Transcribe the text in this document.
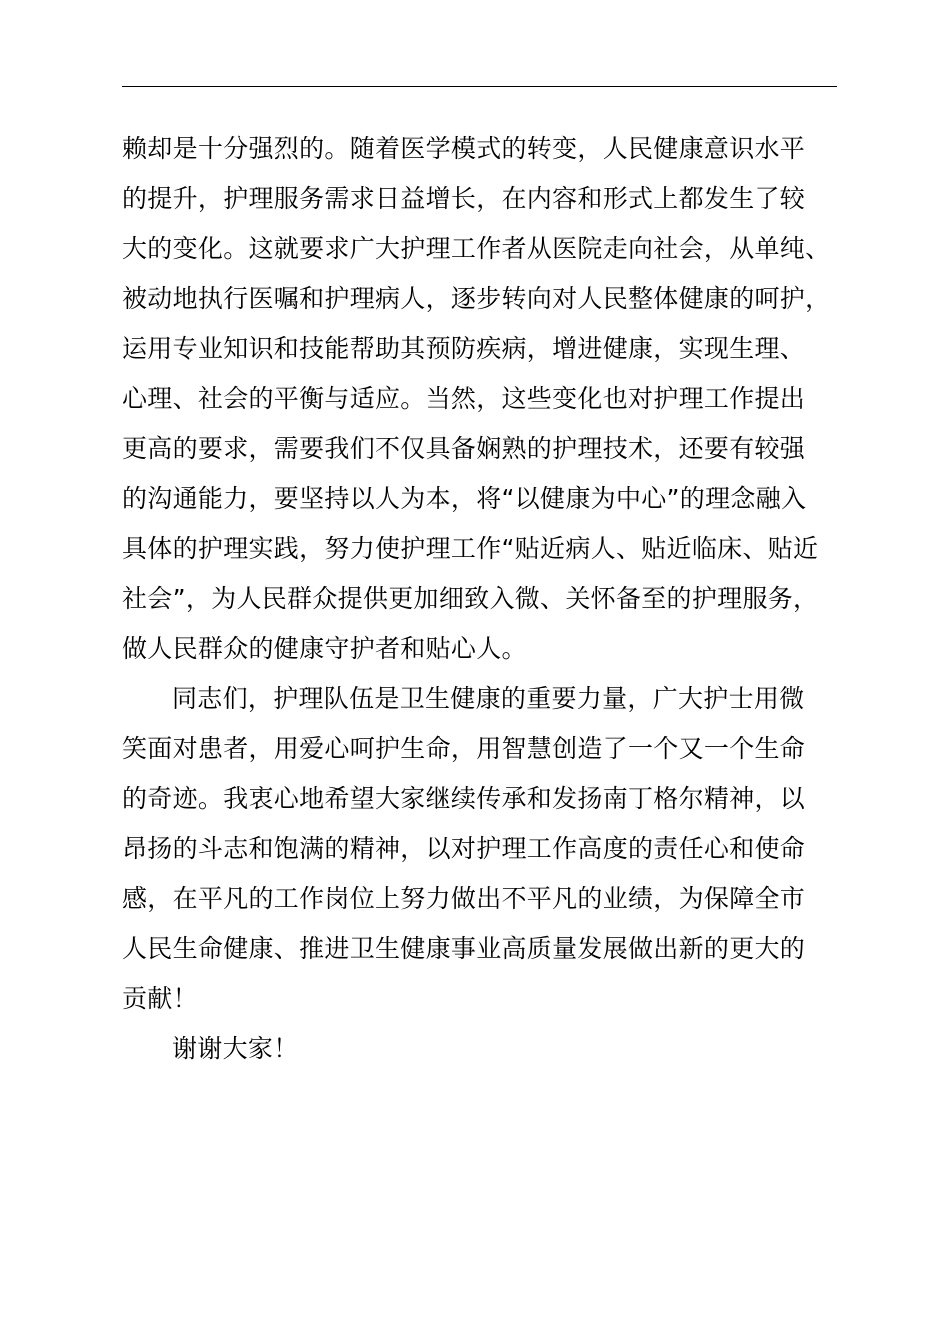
赖却是十分强烈的。随着医学模式的转变，人民健康意识水平
的提升，护理服务需求日益增长，在内容和形式上都发生了较
大的变化。这就要求广大护理工作者从医院走向社会，从单纯、
被动地执行医嘱和护理病人，逐步转向对人民整体健康的呵护，
运用专业知识和技能帮助其预防疾病，增进健康，实现生理、
心理、社会的平衡与适应。当然，这些变化也对护理工作提出
更高的要求，需要我们不仅具备娴熟的护理技术，还要有较强
的沟通能力，要坚持以人为本，将“以健康为中心”的理念融入
具体的护理实践，努力使护理工作“贴近病人、贴近临床、贴近
社会”，为人民群众提供更加细致入微、关怀备至的护理服务，
做人民群众的健康守护者和贴心人。
同志们，护理队伍是卫生健康的重要力量，广大护士用微
笑面对患者，用爱心呵护生命，用智慧创造了一个又一个生命
的奇迹。我衷心地希望大家继续传承和发扬南丁格尔精神，以
昂扬的斗志和饱满的精神，以对护理工作高度的责任心和使命
感，在平凡的工作岗位上努力做出不平凡的业绩，为保障全市
人民生命健康、推进卫生健康事业高质量发展做出新的更大的
贡献！
谢谢大家！
